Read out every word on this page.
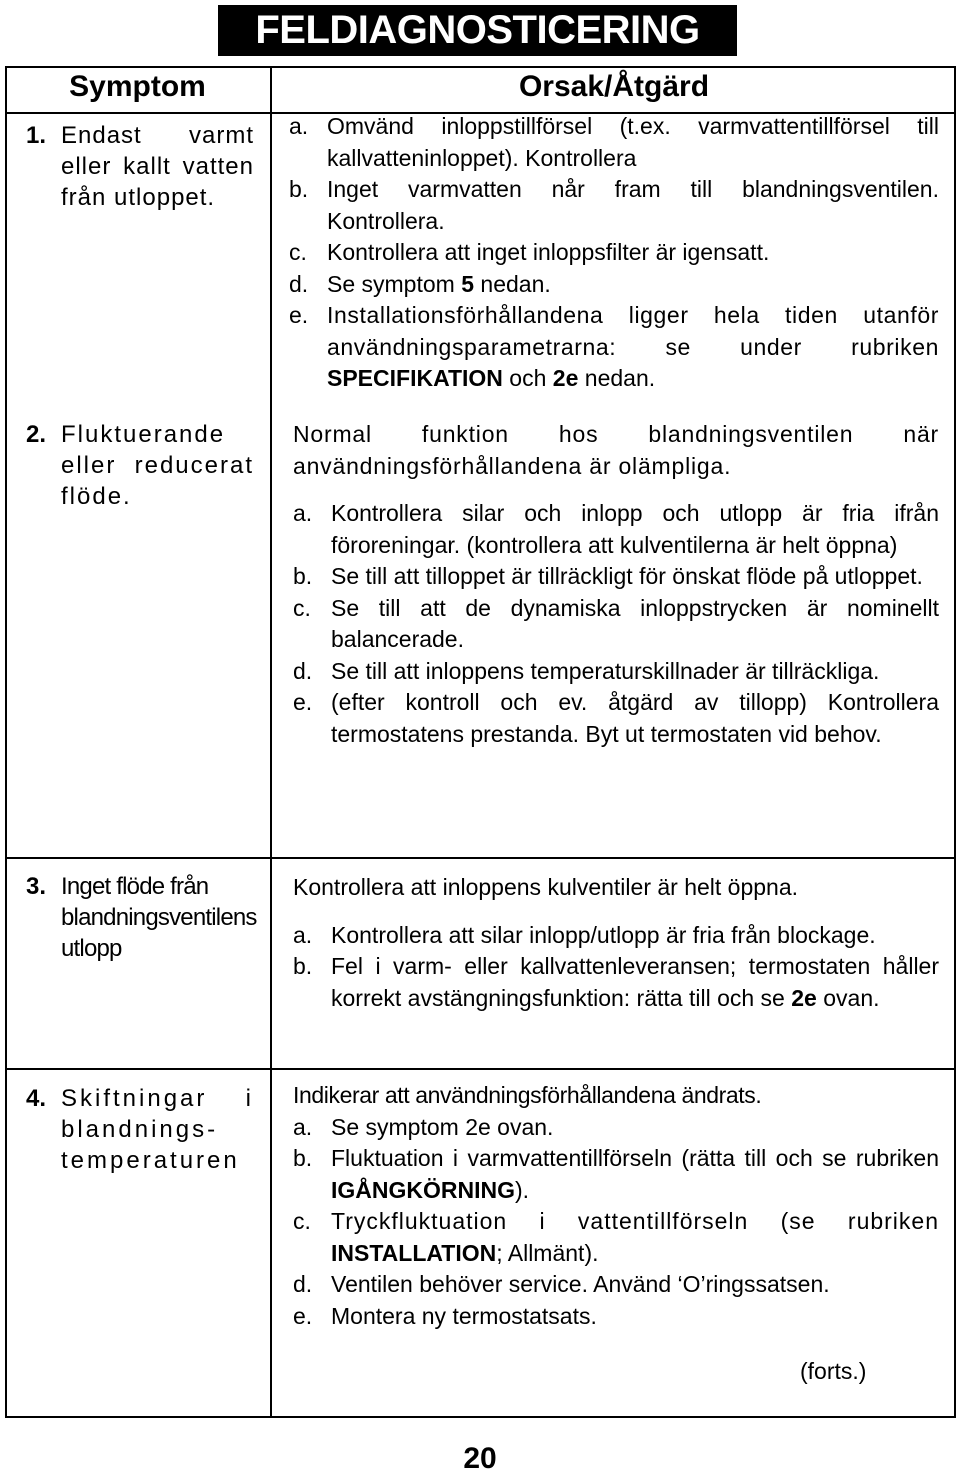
FELDIAGNOSTICERING
Symptom	Orsak/Åtgärd
1. Endast varmt eller kallt vatten från utloppet.
a. Omvänd inloppstillförsel (t.ex. varmvattentillförsel till kallvatteninloppet). Kontrollera
b. Inget varmvatten når fram till blandningsventilen. Kontrollera.
c. Kontrollera att inget inloppsfilter är igensatt.
d. Se symptom 5 nedan.
e. Installationsförhållandena ligger hela tiden utanför användningsparametrarna: se under rubriken SPECIFIKATION och 2e nedan.
2. Fluktuerande eller reducerat flöde.

Normal funktion hos blandningsventilen när användningsförhållandena är olämpliga.

a. Kontrollera silar och inlopp och utlopp är fria ifrån föroreningar. (kontrollera att kulventilerna är helt öppna)
b. Se till att tilloppet är tillräckligt för önskat flöde på utloppet.
c. Se till att de dynamiska inloppstrycken är nominellt balancerade.
d. Se till att inloppens temperaturskillnader är tillräckliga.
e. (efter kontroll och ev. åtgärd av tillopp) Kontrollera termostatens prestanda. Byt ut termostaten vid behov.
3. Inget flöde från blandningsventilens utlopp

Kontrollera att inloppens kulventiler är helt öppna.

a. Kontrollera att silar inlopp/utlopp är fria från blockage.
b. Fel i varm- eller kallvattenleveransen; termostaten håller korrekt avstängningsfunktion: rätta till och se 2e ovan.
4. Skiftningar i blandnings-temperaturen

Indikerar att användningsförhållandena ändrats.

a. Se symptom 2e ovan.
b. Fluktuation i varmvattentillförseln (rätta till och se rubriken IGÅNGKÖRNING).
c. Tryckfluktuation i vattentillförseln (se rubriken INSTALLATION; Allmänt).
d. Ventilen behöver service. Använd ‘O’ringssatsen.
e. Montera ny termostatsats.
(forts.)
20
